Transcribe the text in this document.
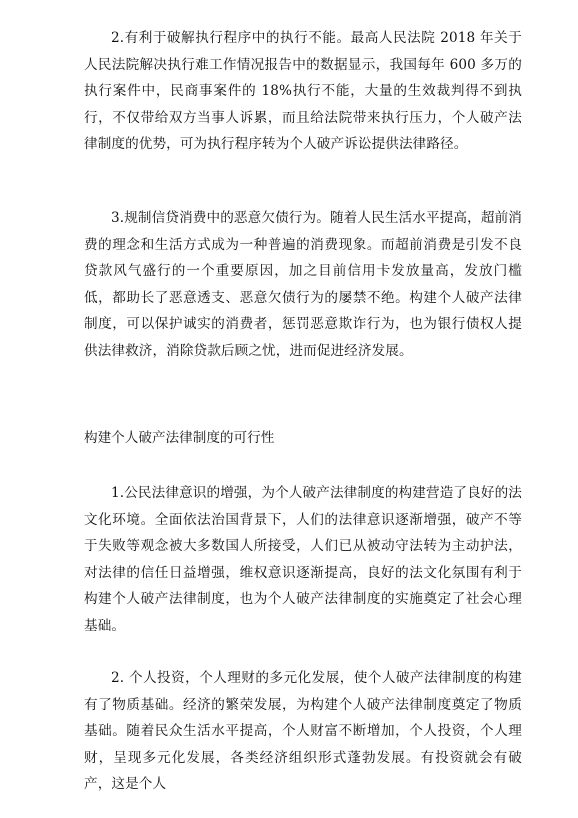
2.有利于破解执行程序中的执行不能。最高人民法院 2018 年关于人民法院解决执行难工作情况报告中的数据显示，我国每年 600 多万的执行案件中，民商事案件的 18%执行不能，大量的生效裁判得不到执行，不仅带给双方当事人诉累，而且给法院带来执行压力，个人破产法律制度的优势，可为执行程序转为个人破产诉讼提供法律路径。

3.规制信贷消费中的恶意欠债行为。随着人民生活水平提高，超前消费的理念和生活方式成为一种普遍的消费现象。而超前消费是引发不良贷款风气盛行的一个重要原因，加之目前信用卡发放量高，发放门槛低，都助长了恶意透支、恶意欠债行为的屡禁不绝。构建个人破产法律制度，可以保护诚实的消费者，惩罚恶意欺诈行为，也为银行债权人提供法律救济，消除贷款后顾之忧，进而促进经济发展。

构建个人破产法律制度的可行性

1.公民法律意识的增强，为个人破产法律制度的构建营造了良好的法文化环境。全面依法治国背景下，人们的法律意识逐渐增强，破产不等于失败等观念被大多数国人所接受，人们已从被动守法转为主动护法，对法律的信任日益增强，维权意识逐渐提高，良好的法文化氛围有利于构建个人破产法律制度，也为个人破产法律制度的实施奠定了社会心理基础。

2. 个人投资，个人理财的多元化发展，使个人破产法律制度的构建有了物质基础。经济的繁荣发展，为构建个人破产法律制度奠定了物质基础。随着民众生活水平提高，个人财富不断增加，个人投资，个人理财，呈现多元化发展，各类经济组织形式蓬勃发展。有投资就会有破产，这是个人
